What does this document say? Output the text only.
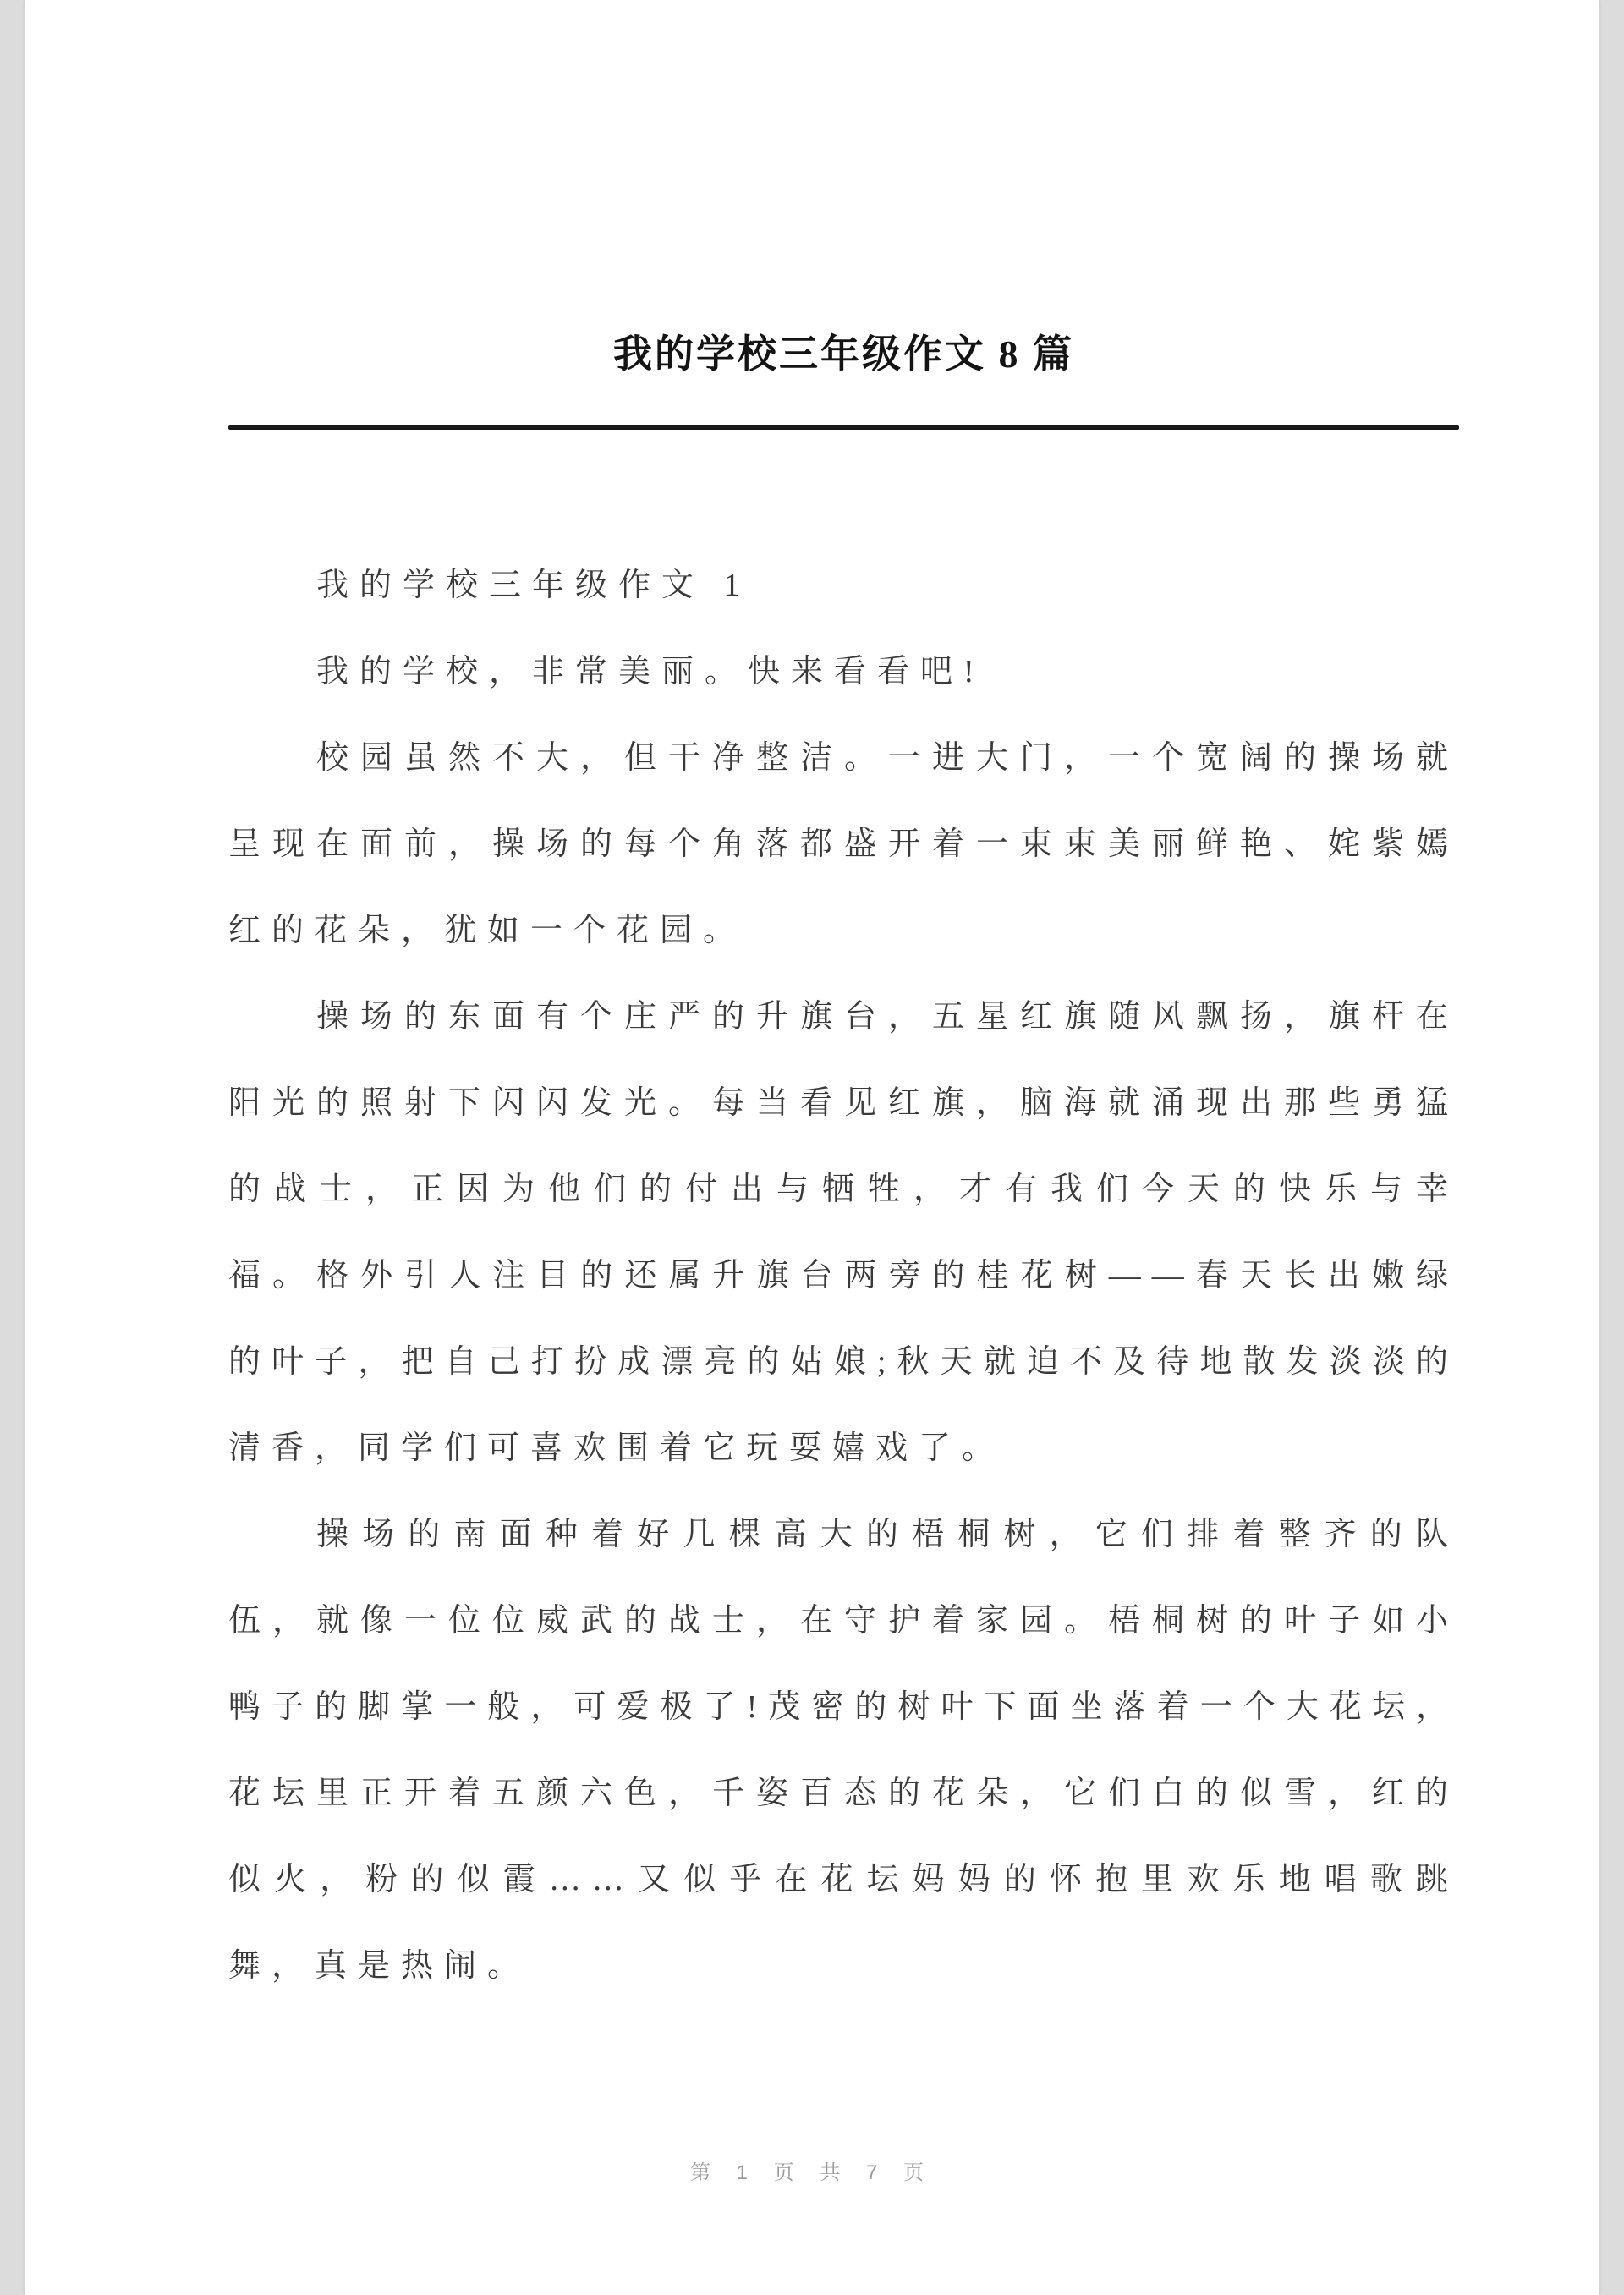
我的学校三年级作文 8 篇

我的学校三年级作文 1

我的学校，非常美丽。快来看看吧!

校园虽然不大，但干净整洁。一进大门，一个宽阔的操场就呈现在面前，操场的每个角落都盛开着一束束美丽鲜艳、姹紫嫣红的花朵，犹如一个花园。

操场的东面有个庄严的升旗台，五星红旗随风飘扬，旗杆在阳光的照射下闪闪发光。每当看见红旗，脑海就涌现出那些勇猛的战士，正因为他们的付出与牺牲，才有我们今天的快乐与幸福。格外引人注目的还属升旗台两旁的桂花树——春天长出嫩绿的叶子，把自己打扮成漂亮的姑娘;秋天就迫不及待地散发淡淡的清香，同学们可喜欢围着它玩耍嬉戏了。

操场的南面种着好几棵高大的梧桐树，它们排着整齐的队伍，就像一位位威武的战士，在守护着家园。梧桐树的叶子如小鸭子的脚掌一般，可爱极了!茂密的树叶下面坐落着一个大花坛，花坛里正开着五颜六色，千姿百态的花朵，它们白的似雪，红的似火，粉的似霞……又似乎在花坛妈妈的怀抱里欢乐地唱歌跳舞，真是热闹。

第 1 页 共 7 页
